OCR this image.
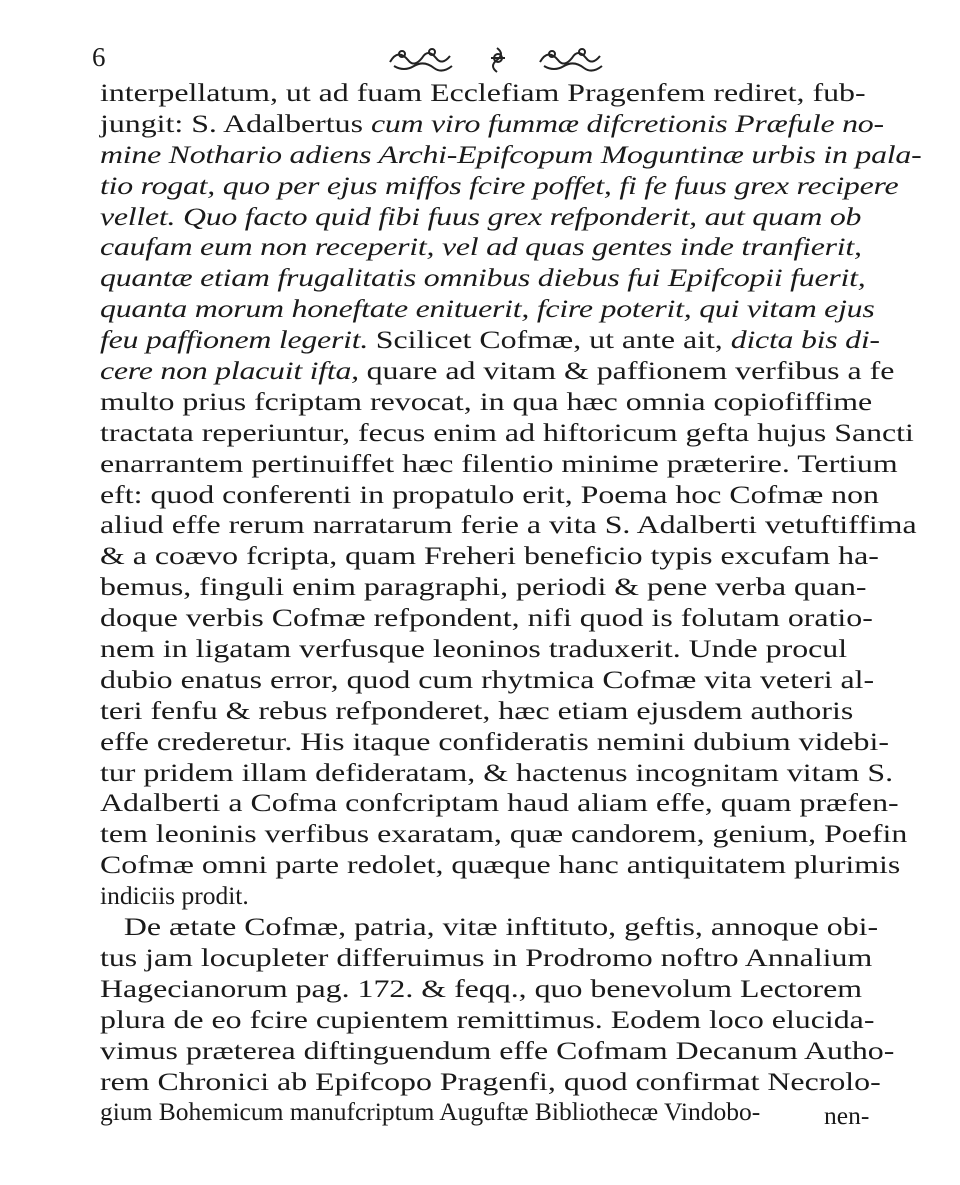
6
interpellatum, ut ad fuam Ecclefiam Pragenfem rediret, fub-
jungit: S. Adalbertus cum viro fummæ difcretionis Præfule no-
mine Nothario adiens Archi-Epifcopum Moguntinæ urbis in pala-
tio rogat, quo per ejus miffos fcire poffet, fi fe fuus grex recipere
vellet. Quo facto quid fibi fuus grex refponderit, aut quam ob
caufam eum non receperit, vel ad quas gentes inde tranfierit,
quantæ etiam frugalitatis omnibus diebus fui Epifcopii fuerit,
quanta morum honeftate enituerit, fcire poterit, qui vitam ejus
feu paffionem legerit. Scilicet Cofmæ, ut ante ait, dicta bis di-
cere non placuit ifta, quare ad vitam & paffionem verfibus a fe
multo prius fcriptam revocat, in qua hæc omnia copiofiffime
tractata reperiuntur, fecus enim ad hiftoricum gefta hujus Sancti
enarrantem pertinuiffet hæc filentio minime præterire. Tertium
eft: quod conferenti in propatulo erit, Poema hoc Cofmæ non
aliud effe rerum narratarum ferie a vita S. Adalberti vetuftiffima
& a coævo fcripta, quam Freheri beneficio typis excufam ha-
bemus, finguli enim paragraphi, periodi & pene verba quan-
doque verbis Cofmæ refpondent, nifi quod is folutam oratio-
nem in ligatam verfusque leoninos traduxerit. Unde procul
dubio enatus error, quod cum rhytmica Cofmæ vita veteri al-
teri fenfu & rebus refponderet, hæc etiam ejusdem authoris
effe crederetur. His itaque confideratis nemini dubium videbi-
tur pridem illam defideratam, & hactenus incognitam vitam S.
Adalberti a Cofma confcriptam haud aliam effe, quam præfen-
tem leoninis verfibus exaratam, quæ candorem, genium, Poefin
Cofmæ omni parte redolet, quæque hanc antiquitatem plurimis
indiciis prodit.
De ætate Cofmæ, patria, vitæ inftituto, geftis, annoque obi-
tus jam locupleter differuimus in Prodromo noftro Annalium
Hagecianorum pag. 172. & feqq., quo benevolum Lectorem
plura de eo fcire cupientem remittimus. Eodem loco elucida-
vimus præterea diftinguendum effe Cofmam Decanum Autho-
rem Chronici ab Epifcopo Pragenfi, quod confirmat Necrolo-
gium Bohemicum manufcriptum Auguftæ Bibliothecæ Vindobo-	nen-
